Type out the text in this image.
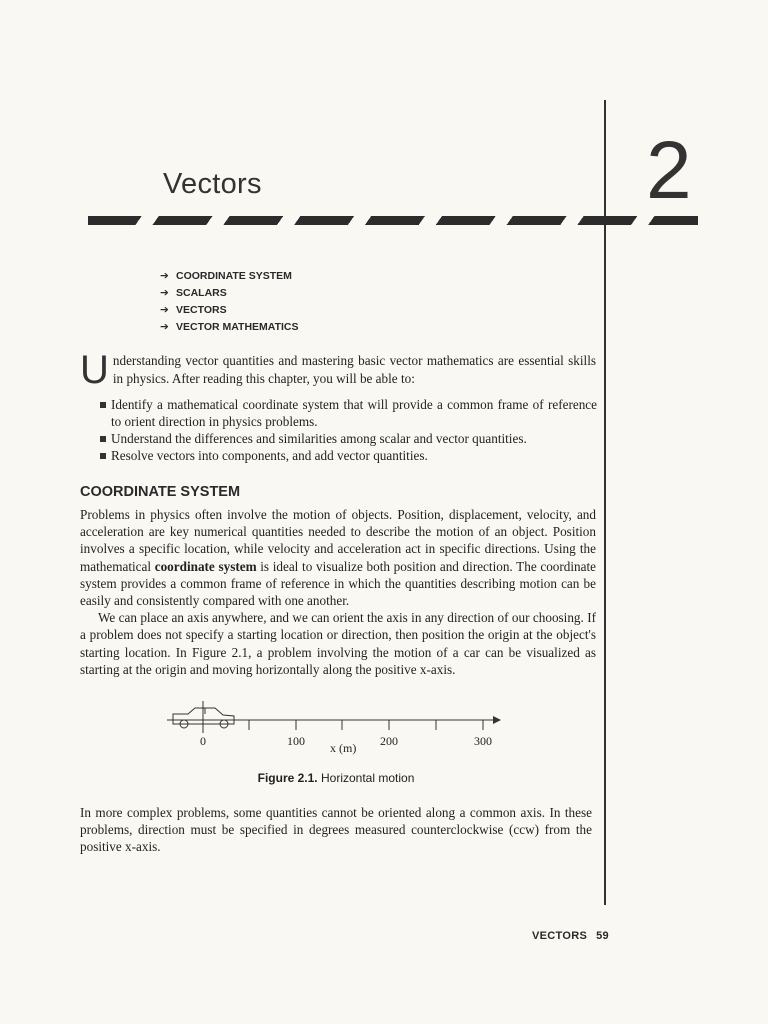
Vectors	2
➔ COORDINATE SYSTEM
➔ SCALARS
➔ VECTORS
➔ VECTOR MATHEMATICS

Understanding vector quantities and mastering basic vector mathematics are essential skills in physics. After reading this chapter, you will be able to:

Identify a mathematical coordinate system that will provide a common frame of reference to orient direction in physics problems.
Understand the differences and similarities among scalar and vector quantities.
Resolve vectors into components, and add vector quantities.
COORDINATE SYSTEM

Problems in physics often involve the motion of objects. Position, displacement, velocity, and acceleration are key numerical quantities needed to describe the motion of an object. Position involves a specific location, while velocity and acceleration act in specific directions. Using the mathematical coordinate system is ideal to visualize both position and direction. The coordinate system provides a common frame of reference in which the quantities describing motion can be easily and consistently compared with one another.

We can place an axis anywhere, and we can orient the axis in any direction of our choosing. If a problem does not specify a starting location or direction, then position the origin at the object's starting location. In Figure 2.1, a problem involving the motion of a car can be visualized as starting at the origin and moving horizontally along the positive x-axis.

0	100	200	300
x (m)

Figure 2.1. Horizontal motion

In more complex problems, some quantities cannot be oriented along a common axis. In these problems, direction must be specified in degrees measured counterclockwise (ccw) from the positive x-axis.

VECTORS 59
